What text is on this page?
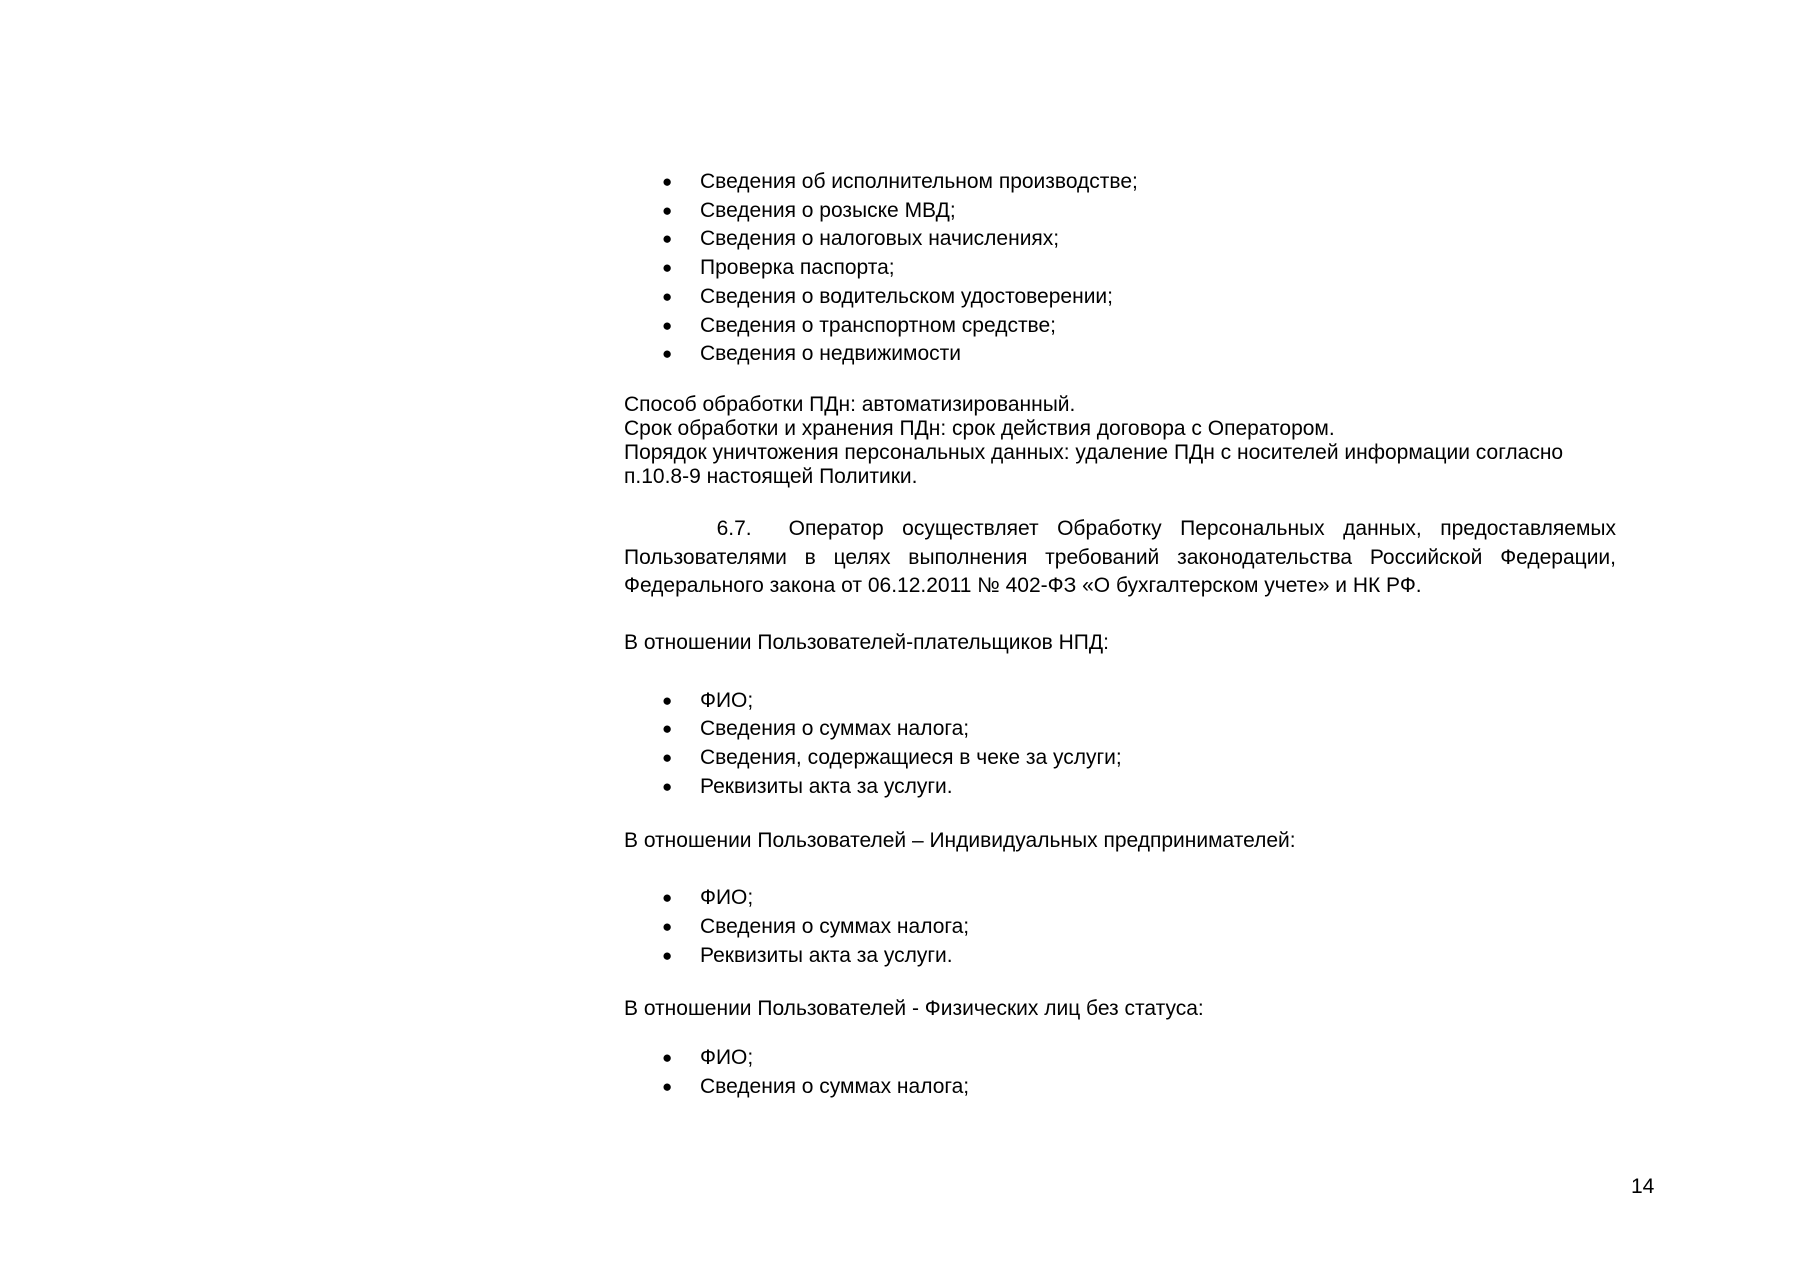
● Сведения об исполнительном производстве;
● Сведения о розыске МВД;
● Сведения о налоговых начислениях;
● Проверка паспорта;
● Сведения о водительском удостоверении;
● Сведения о транспортном средстве;
● Сведения о недвижимости

Способ обработки ПДн: автоматизированный.

Срок обработки и хранения ПДн: срок действия договора с Оператором.

Порядок уничтожения персональных данных: удаление ПДн с носителей информации согласно

п.10.8-9 настоящей Политики.

6.7. Оператор осуществляет Обработку Персональных данных, предоставляемых Пользователями в целях выполнения требований законодательства Российской Федерации, Федерального закона от 06.12.2011 № 402-ФЗ «О бухгалтерском учете» и НК РФ.

В отношении Пользователей-плательщиков НПД:

● ФИО;
● Сведения о суммах налога;
● Сведения, содержащиеся в чеке за услуги;
● Реквизиты акта за услуги.

В отношении Пользователей – Индивидуальных предпринимателей:

● ФИО;
● Сведения о суммах налога;
● Реквизиты акта за услуги.

В отношении Пользователей - Физических лиц без статуса:

● ФИО;
● Сведения о суммах налога;
14
